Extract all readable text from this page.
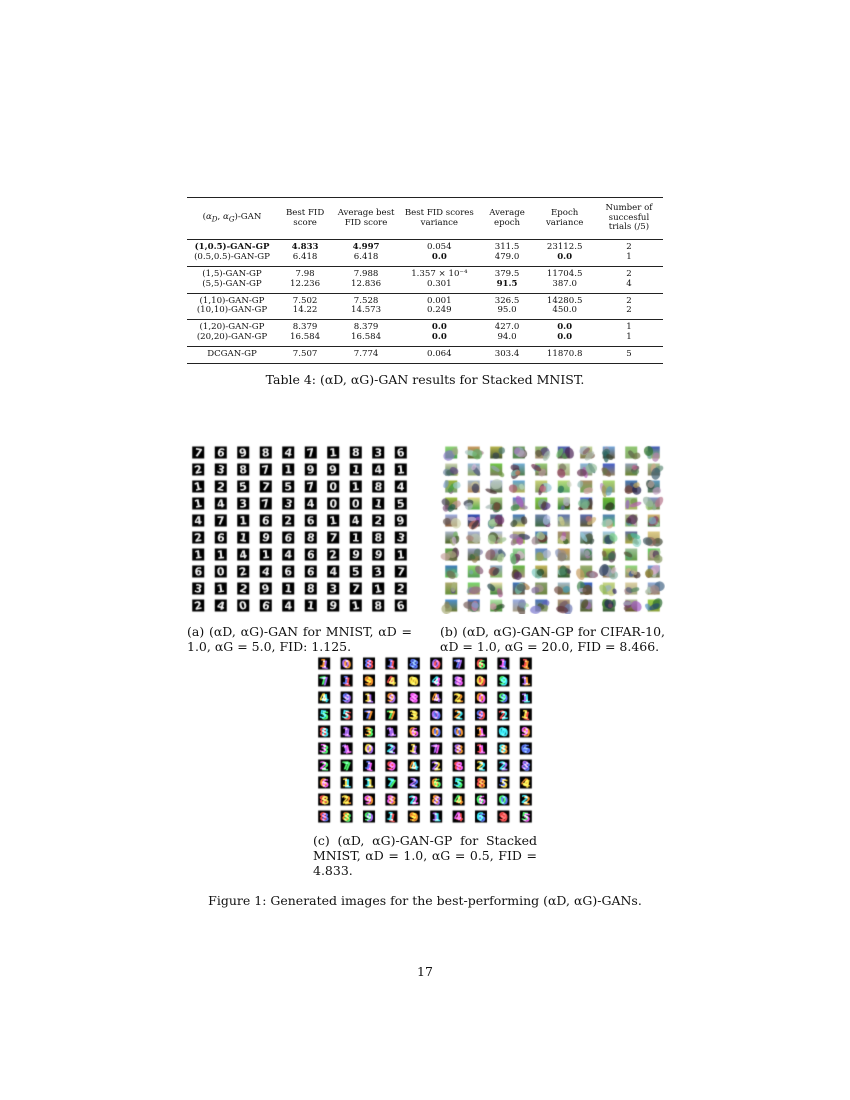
($\alpha_D$, $\alpha_G$)-GAN	Best FID score	Average best FID score	Best FID scores variance	Average epoch	Epoch variance	Number of succesful trials (/5)
(1,0.5)-GAN-GP	4.833	4.997	0.054	311.5	23112.5	2
(0.5,0.5)-GAN-GP	6.418	6.418	0.0	479.0	0.0	1
(1,5)-GAN-GP	7.98	7.988	1.357 × 10⁻⁴	379.5	11704.5	2
(5,5)-GAN-GP	12.236	12.836	0.301	91.5	387.0	4
(1,10)-GAN-GP	7.502	7.528	0.001	326.5	14280.5	2
(10,10)-GAN-GP	14.22	14.573	0.249	95.0	450.0	2
(1,20)-GAN-GP	8.379	8.379	0.0	427.0	0.0	1
(20,20)-GAN-GP	16.584	16.584	0.0	94.0	0.0	1
DCGAN-GP	7.507	7.774	0.064	303.4	11870.8	5
Table 4: (αD, αG)-GAN results for Stacked MNIST.
(a) (αD, αG)-GAN for MNIST, αD = 1.0, αG = 5.0, FID: 1.125.
(b) (αD, αG)-GAN-GP for CIFAR-10, αD = 1.0, αG = 20.0, FID = 8.466.
(c) (αD, αG)-GAN-GP for Stacked MNIST, αD = 1.0, αG = 0.5, FID = 4.833.
Figure 1: Generated images for the best-performing (αD, αG)-GANs.
17
